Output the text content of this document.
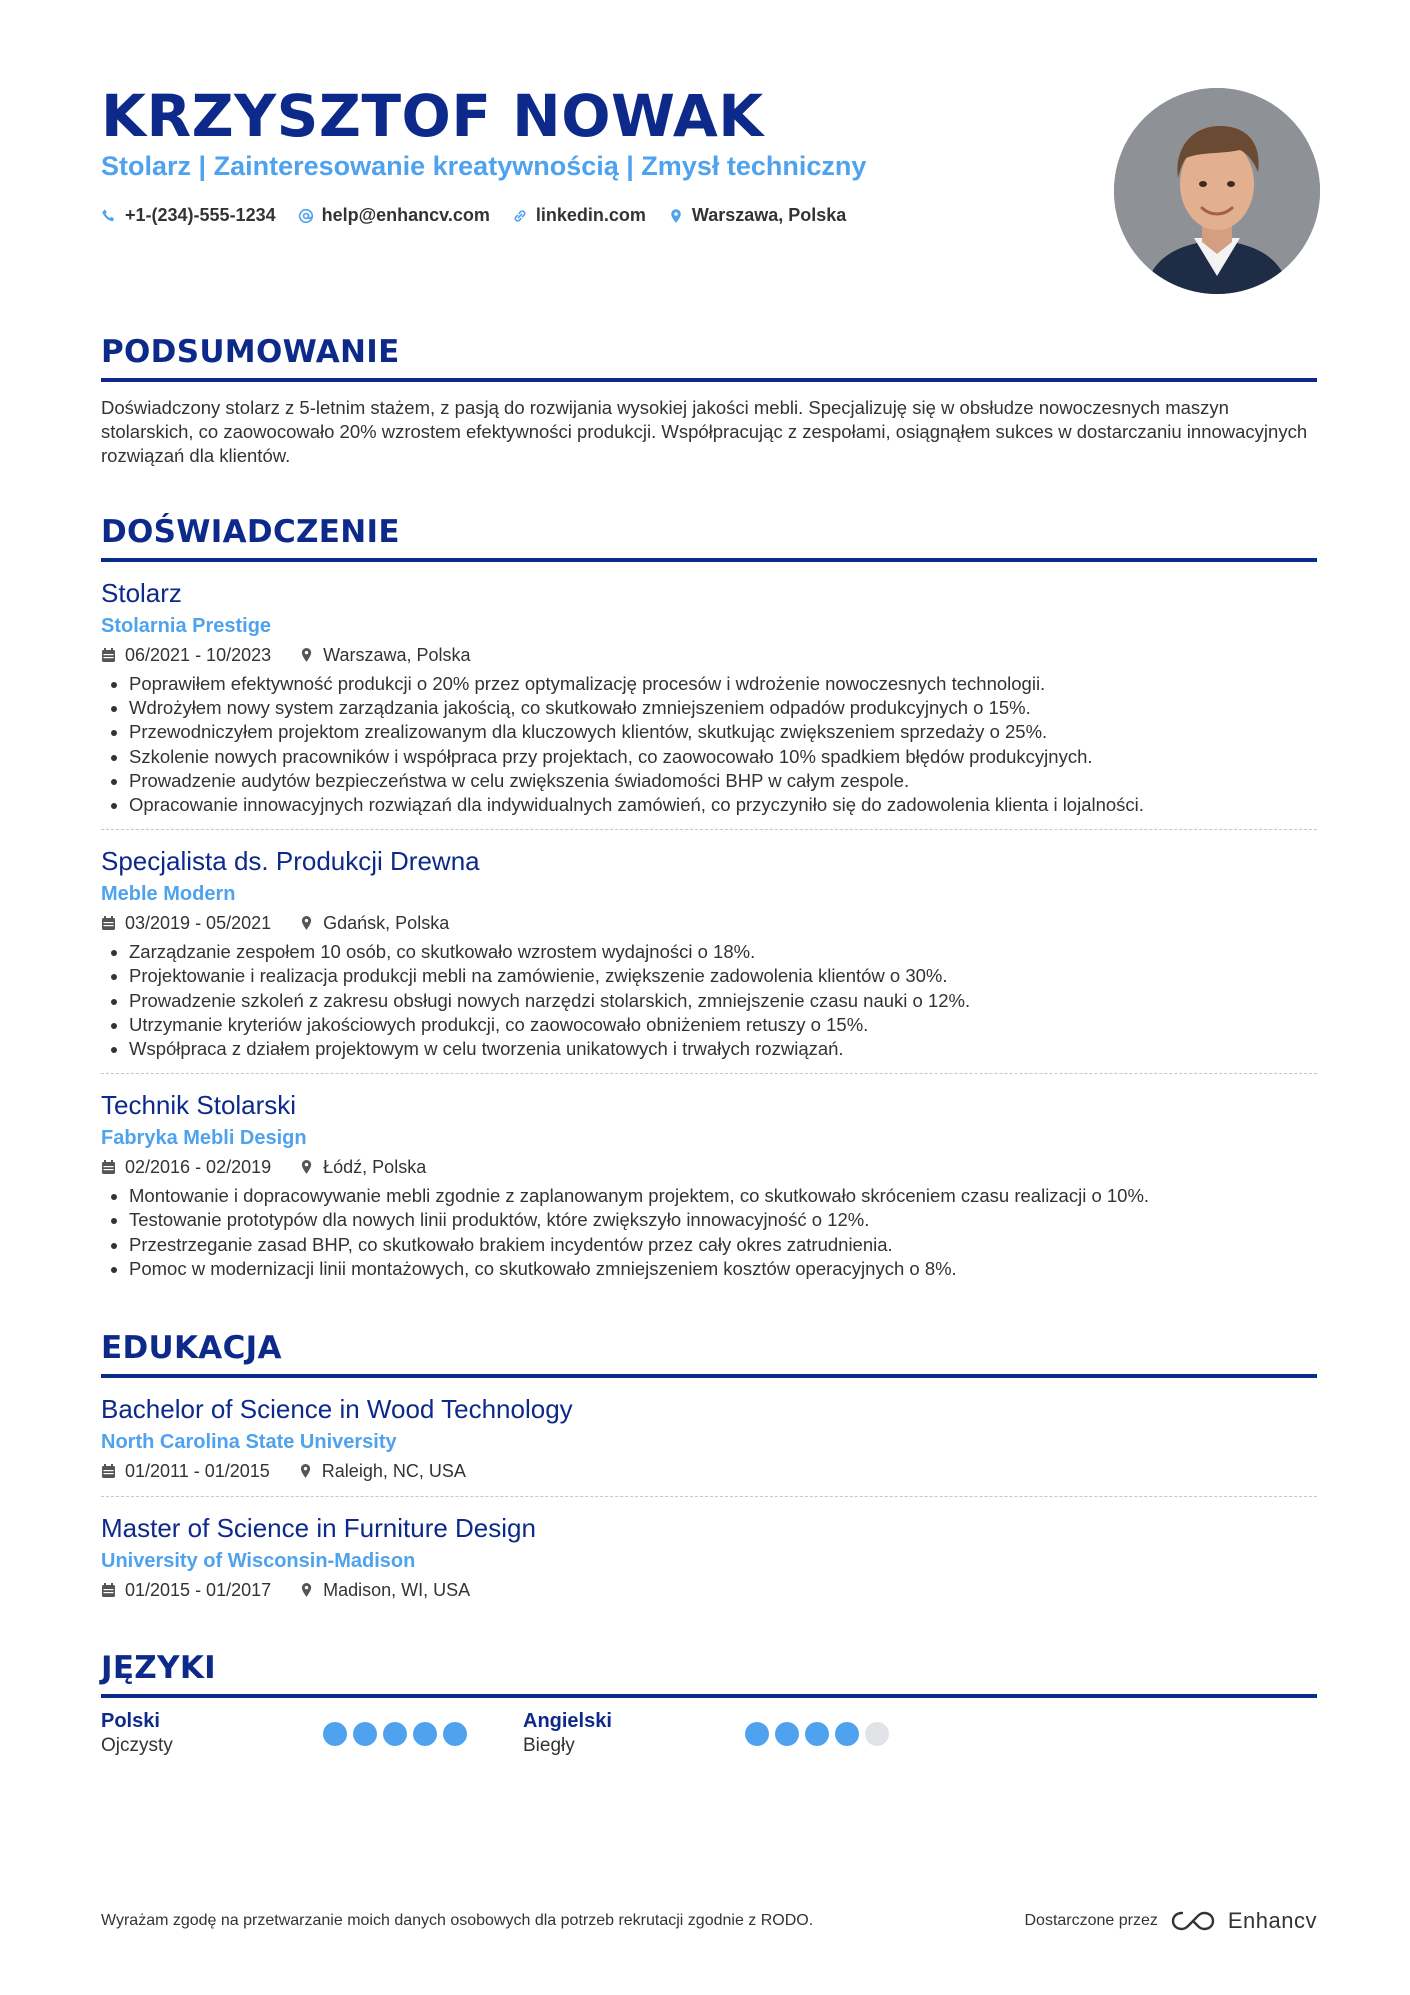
KRZYSZTOF NOWAK

Stolarz | Zainteresowanie kreatywnością | Zmysł techniczny

+1-(234)-555-1234	help@enhancv.com	linkedin.com	Warszawa, Polska
PODSUMOWANIE

Doświadczony stolarz z 5-letnim stażem, z pasją do rozwijania wysokiej jakości mebli. Specjalizuję się w obsłudze nowoczesnych maszyn stolarskich, co zaowocowało 20% wzrostem efektywności produkcji. Współpracując z zespołami, osiągnąłem sukces w dostarczaniu innowacyjnych rozwiązań dla klientów.

DOŚWIADCZENIE
Stolarz

Stolarnia Prestige

06/2021 - 10/2023	Warszawa, Polska
Poprawiłem efektywność produkcji o 20% przez optymalizację procesów i wdrożenie nowoczesnych technologii.
Wdrożyłem nowy system zarządzania jakością, co skutkowało zmniejszeniem odpadów produkcyjnych o 15%.
Przewodniczyłem projektom zrealizowanym dla kluczowych klientów, skutkując zwiększeniem sprzedaży o 25%.
Szkolenie nowych pracowników i współpraca przy projektach, co zaowocowało 10% spadkiem błędów produkcyjnych.
Prowadzenie audytów bezpieczeństwa w celu zwiększenia świadomości BHP w całym zespole.
Opracowanie innowacyjnych rozwiązań dla indywidualnych zamówień, co przyczyniło się do zadowolenia klienta i lojalności.
Specjalista ds. Produkcji Drewna

Meble Modern

03/2019 - 05/2021	Gdańsk, Polska
Zarządzanie zespołem 10 osób, co skutkowało wzrostem wydajności o 18%.
Projektowanie i realizacja produkcji mebli na zamówienie, zwiększenie zadowolenia klientów o 30%.
Prowadzenie szkoleń z zakresu obsługi nowych narzędzi stolarskich, zmniejszenie czasu nauki o 12%.
Utrzymanie kryteriów jakościowych produkcji, co zaowocowało obniżeniem retuszy o 15%.
Współpraca z działem projektowym w celu tworzenia unikatowych i trwałych rozwiązań.
Technik Stolarski

Fabryka Mebli Design

02/2016 - 02/2019	Łódź, Polska
Montowanie i dopracowywanie mebli zgodnie z zaplanowanym projektem, co skutkowało skróceniem czasu realizacji o 10%.
Testowanie prototypów dla nowych linii produktów, które zwiększyło innowacyjność o 12%.
Przestrzeganie zasad BHP, co skutkowało brakiem incydentów przez cały okres zatrudnienia.
Pomoc w modernizacji linii montażowych, co skutkowało zmniejszeniem kosztów operacyjnych o 8%.
EDUKACJA
Bachelor of Science in Wood Technology

North Carolina State University

01/2011 - 01/2015	Raleigh, NC, USA
Master of Science in Furniture Design

University of Wisconsin-Madison

01/2015 - 01/2017	Madison, WI, USA
JĘZYKI

Polski

Ojczysty

Angielski

Biegły

Wyrażam zgodę na przetwarzanie moich danych osobowych dla potrzeb rekrutacji zgodnie z RODO.	Dostarczone przez	Enhancv
